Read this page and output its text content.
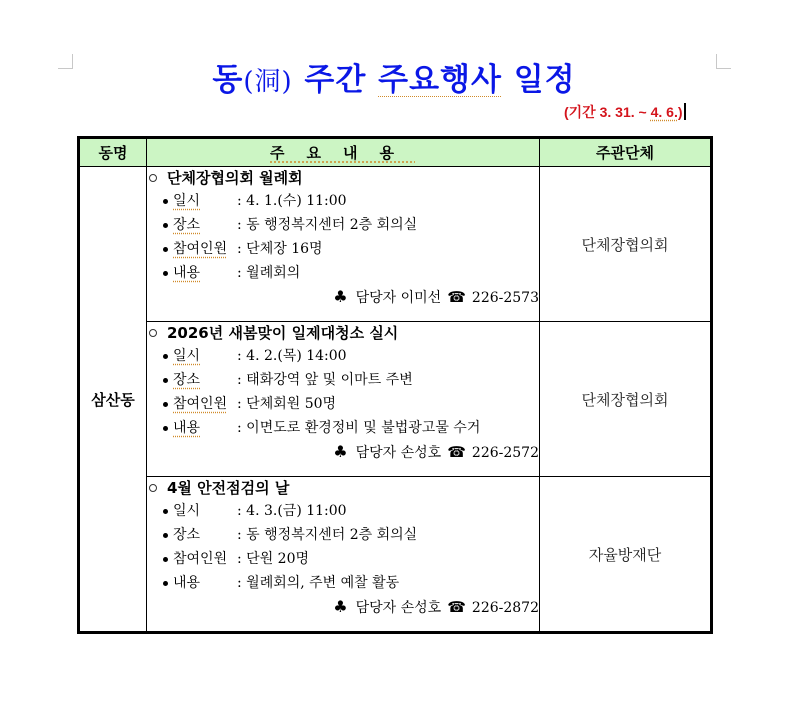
동(洞) 주간 주요행사 일정
(기간 3. 31. ~ 4. 6.)
동명	주요내용	주관단체
삼산동	
단체장협의회 월례회
일시	: 4. 1.(수) 11:00
장소	: 동 행정복지센터 2층 회의실
참여인원 : 단체장 16명
내용	: 월례회의
♣ 담당자 이미선 ☎ 226-2573
	단체장협의회

2026년 새봄맞이 일제대청소 실시
일시	: 4. 2.(목) 14:00
장소	: 태화강역 앞 및 이마트 주변
참여인원 : 단체회원 50명
내용	: 이면도로 환경정비 및 불법광고물 수거
♣ 담당자 손성호 ☎ 226-2572
	단체장협의회

4월 안전점검의 날
일시	: 4. 3.(금) 11:00
장소	: 동 행정복지센터 2층 회의실
참여인원 : 단원 20명
내용	: 월례회의, 주변 예찰 활동
♣ 담당자 손성호 ☎ 226-2872
	자율방재단
